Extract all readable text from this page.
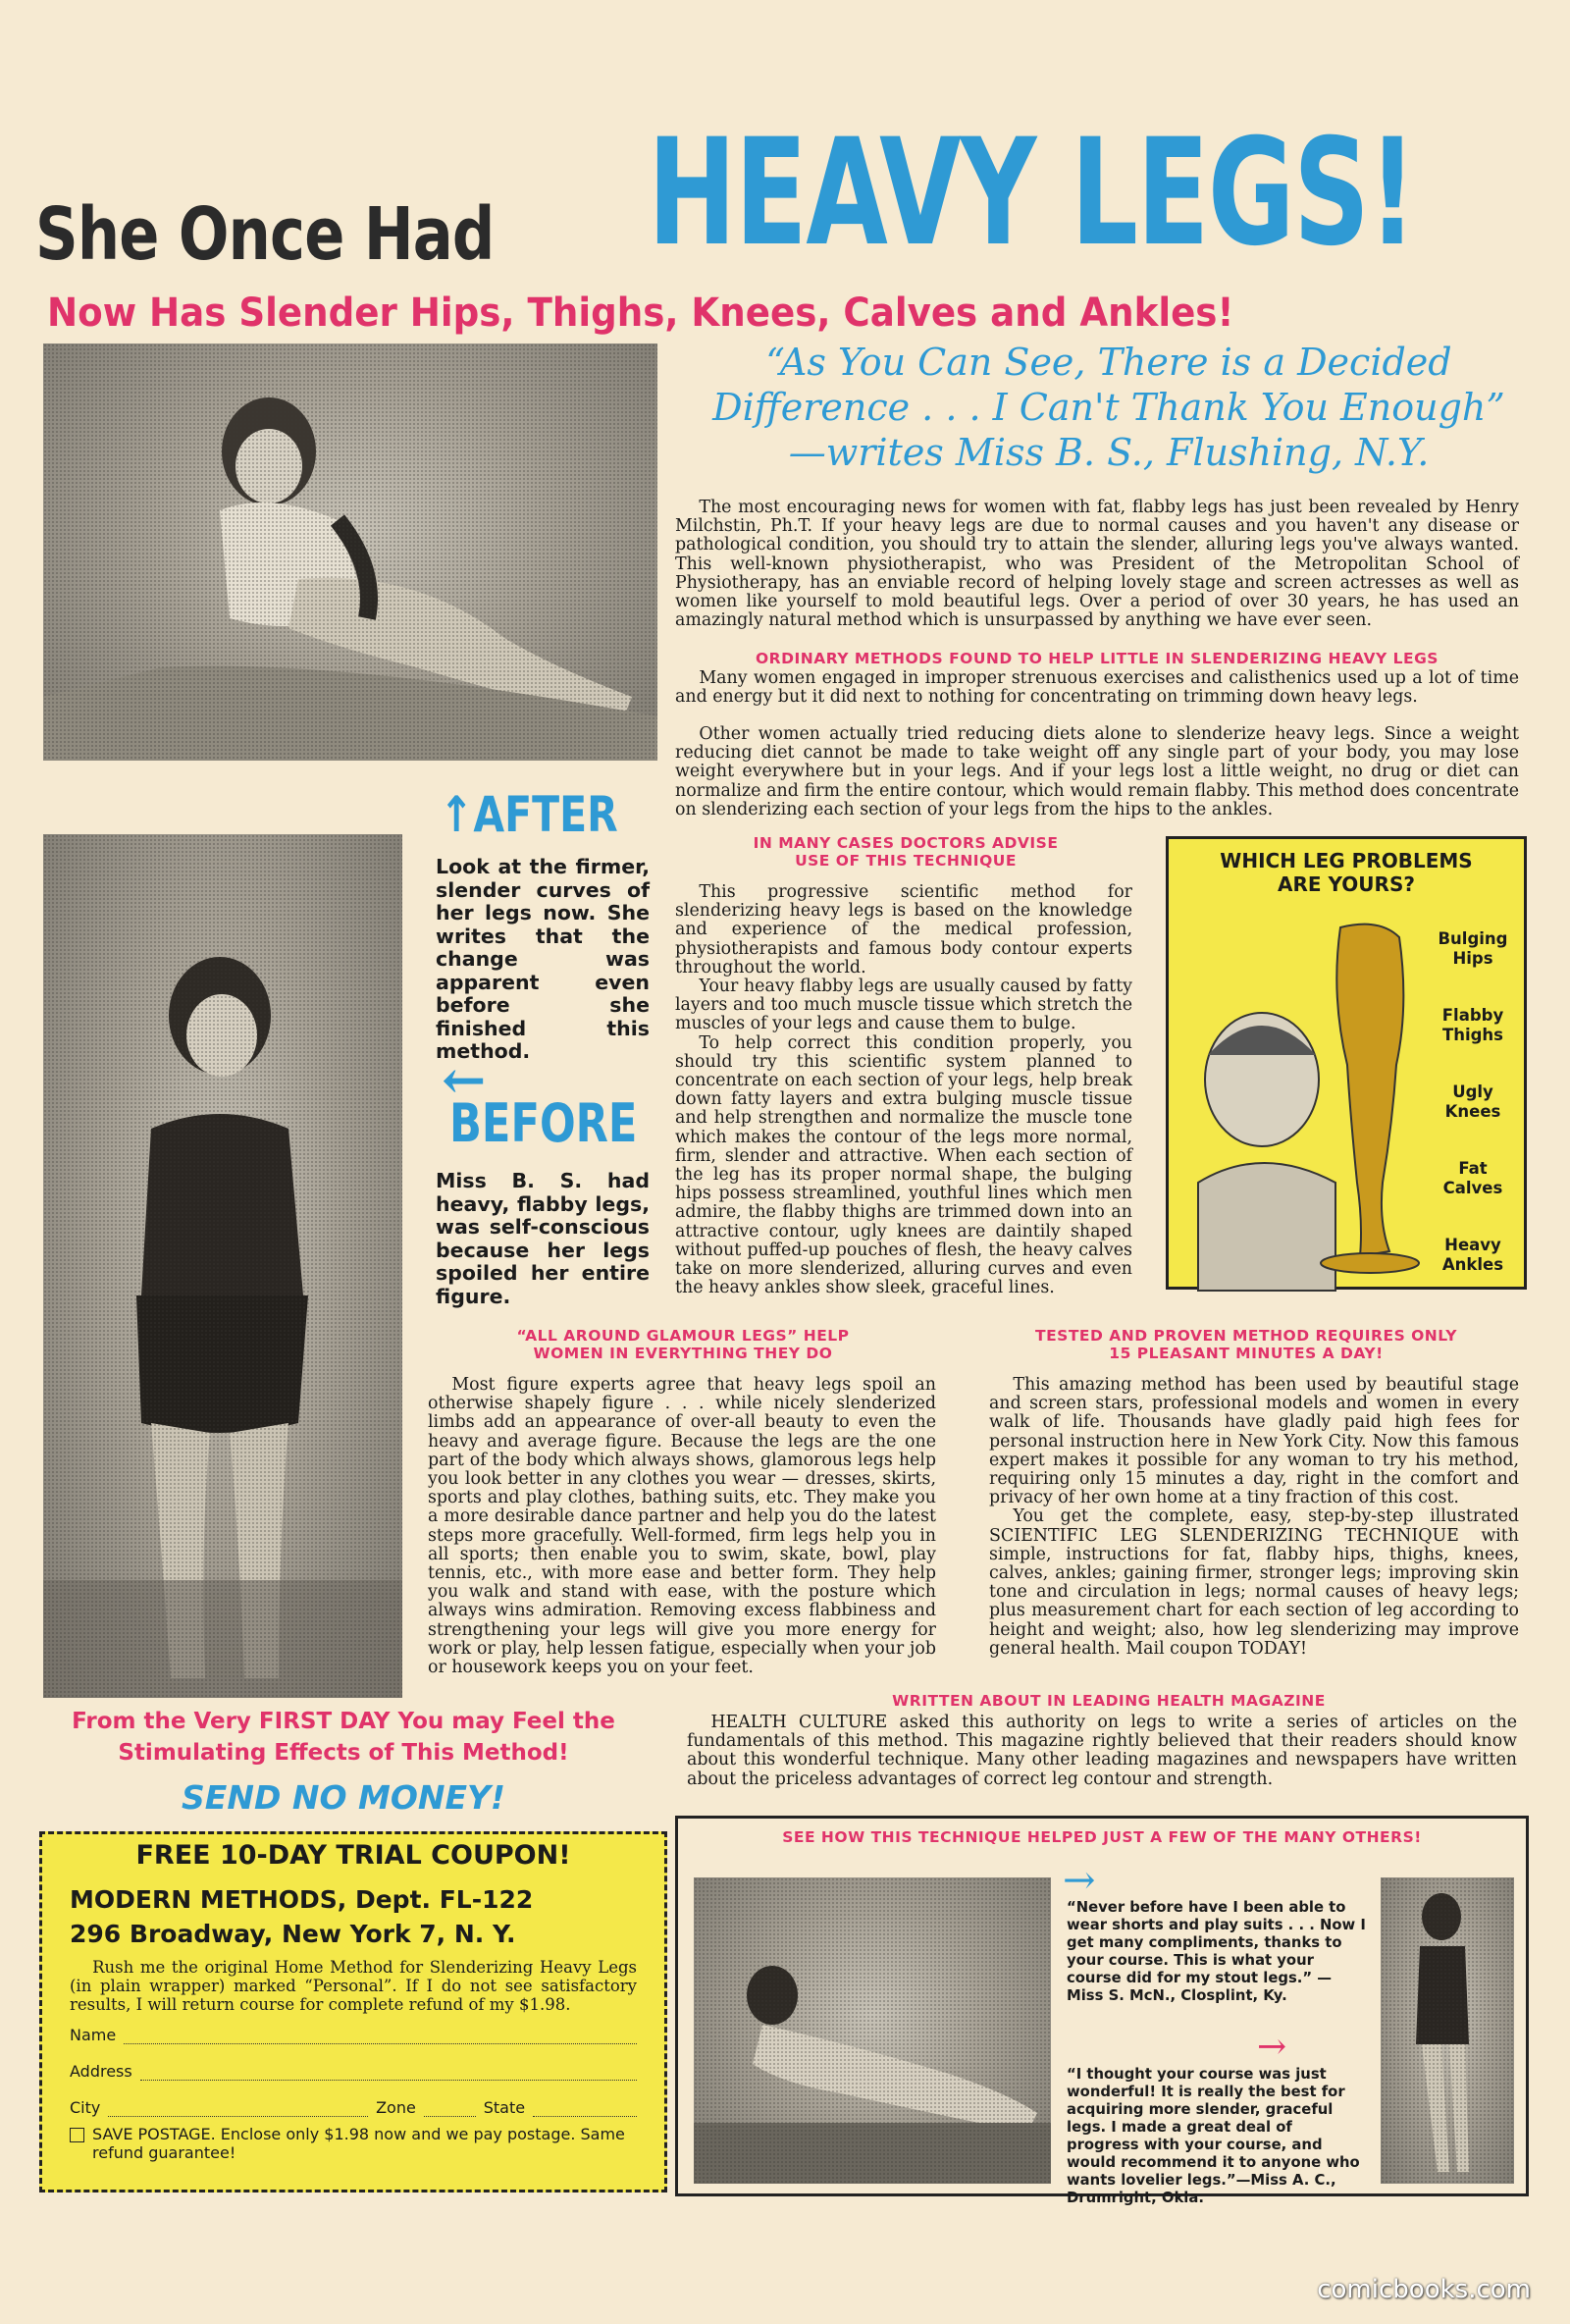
She Once Had HEAVY LEGS!
Now Has Slender Hips, Thighs, Knees, Calves and Ankles!
↑AFTER

Look at the firmer, slender curves of her legs now. She writes that the change was apparent even before she finished this method.

←
BEFORE

Miss B. S. had heavy, flabby legs, was self-conscious because her legs spoiled her entire figure.

“As You Can See, There is a Decided
Difference . . . I Can't Thank You Enough”
—writes Miss B. S., Flushing, N.Y.

The most encouraging news for women with fat, flabby legs has just been revealed by Henry Milchstin, Ph.T. If your heavy legs are due to normal causes and you haven't any disease or pathological condition, you should try to attain the slender, alluring legs you've always wanted. This well-known physiotherapist, who was President of the Metropolitan School of Physiotherapy, has an enviable record of helping lovely stage and screen actresses as well as women like yourself to mold beautiful legs. Over a period of over 30 years, he has used an amazingly natural method which is unsurpassed by anything we have ever seen.

ORDINARY METHODS FOUND TO HELP LITTLE IN SLENDERIZING HEAVY LEGS

Many women engaged in improper strenuous exercises and calisthenics used up a lot of time and energy but it did next to nothing for concentrating on trimming down heavy legs.

Other women actually tried reducing diets alone to slenderize heavy legs. Since a weight reducing diet cannot be made to take weight off any single part of your body, you may lose weight everywhere but in your legs. And if your legs lost a little weight, no drug or diet can normalize and firm the entire contour, which would remain flabby. This method does concentrate on slenderizing each section of your legs from the hips to the ankles.

IN MANY CASES DOCTORS ADVISE

USE OF THIS TECHNIQUE

This progressive scientific method for slenderizing heavy legs is based on the knowledge and experience of the medical profession, physiotherapists and famous body contour experts throughout the world.

Your heavy flabby legs are usually caused by fatty layers and too much muscle tissue which stretch the muscles of your legs and cause them to bulge.

To help correct this condition properly, you should try this scientific system planned to concentrate on each section of your legs, help break down fatty layers and extra bulging muscle tissue and help strengthen and normalize the muscle tone which makes the contour of the legs more normal, firm, slender and attractive. When each section of the leg has its proper normal shape, the bulging hips possess streamlined, youthful lines which men admire, the flabby thighs are trimmed down into an attractive contour, ugly knees are daintily shaped without puffed-up pouches of flesh, the heavy calves take on more slenderized, alluring curves and even the heavy ankles show sleek, graceful lines.

WHICH LEG PROBLEMS
ARE YOURS?
Bulging
Hips
Flabby
Thighs
Ugly
Knees
Fat
Calves
Heavy
Ankles

“ALL AROUND GLAMOUR LEGS” HELP

WOMEN IN EVERYTHING THEY DO

Most figure experts agree that heavy legs spoil an otherwise shapely figure . . . while nicely slenderized limbs add an appearance of over-all beauty to even the heavy and average figure. Because the legs are the one part of the body which always shows, glamorous legs help you look better in any clothes you wear — dresses, skirts, sports and play clothes, bathing suits, etc. They make you a more desirable dance partner and help you do the latest steps more gracefully. Well-formed, firm legs help you in all sports; then enable you to swim, skate, bowl, play tennis, etc., with more ease and better form. They help you walk and stand with ease, with the posture which always wins admiration. Removing excess flabbiness and strengthening your legs will give you more energy for work or play, help lessen fatigue, especially when your job or housework keeps you on your feet.

TESTED AND PROVEN METHOD REQUIRES ONLY

15 PLEASANT MINUTES A DAY!

This amazing method has been used by beautiful stage and screen stars, professional models and women in every walk of life. Thousands have gladly paid high fees for personal instruction here in New York City. Now this famous expert makes it possible for any woman to try his method, requiring only 15 minutes a day, right in the comfort and privacy of her own home at a tiny fraction of this cost.

You get the complete, easy, step-by-step illustrated SCIENTIFIC LEG SLENDERIZING TECHNIQUE with simple, instructions for fat, flabby hips, thighs, knees, calves, ankles; gaining firmer, stronger legs; improving skin tone and circulation in legs; normal causes of heavy legs; plus measurement chart for each section of leg according to height and weight; also, how leg slenderizing may improve general health. Mail coupon TODAY!

WRITTEN ABOUT IN LEADING HEALTH MAGAZINE

HEALTH CULTURE asked this authority on legs to write a series of articles on the fundamentals of this method. This magazine rightly believed that their readers should know about this wonderful technique. Many other leading magazines and newspapers have written about the priceless advantages of correct leg contour and strength.

From the Very FIRST DAY You may Feel the
Stimulating Effects of This Method!
SEND NO MONEY!
FREE 10-DAY TRIAL COUPON!
MODERN METHODS, Dept. FL-122
296 Broadway, New York 7, N. Y.

Rush me the original Home Method for Slenderizing Heavy Legs (in plain wrapper) marked “Personal”. If I do not see satisfactory results, I will return course for complete refund of my $1.98.

Name
Address
City	Zone	State
SAVE POSTAGE. Enclose only $1.98 now and we pay postage. Same refund guarantee!

SEE HOW THIS TECHNIQUE HELPED JUST A FEW OF THE MANY OTHERS!

←

“Never before have I been able to wear shorts and play suits . . . Now I get many compliments, thanks to your course. This is what your course did for my stout legs.” —Miss S. McN., Closplint, Ky.

→

“I thought your course was just wonderful! It is really the best for acquiring more slender, graceful legs. I made a great deal of progress with your course, and would recommend it to anyone who wants lovelier legs.”—Miss A. C., Drumright, Okla.

comicbooks.com
